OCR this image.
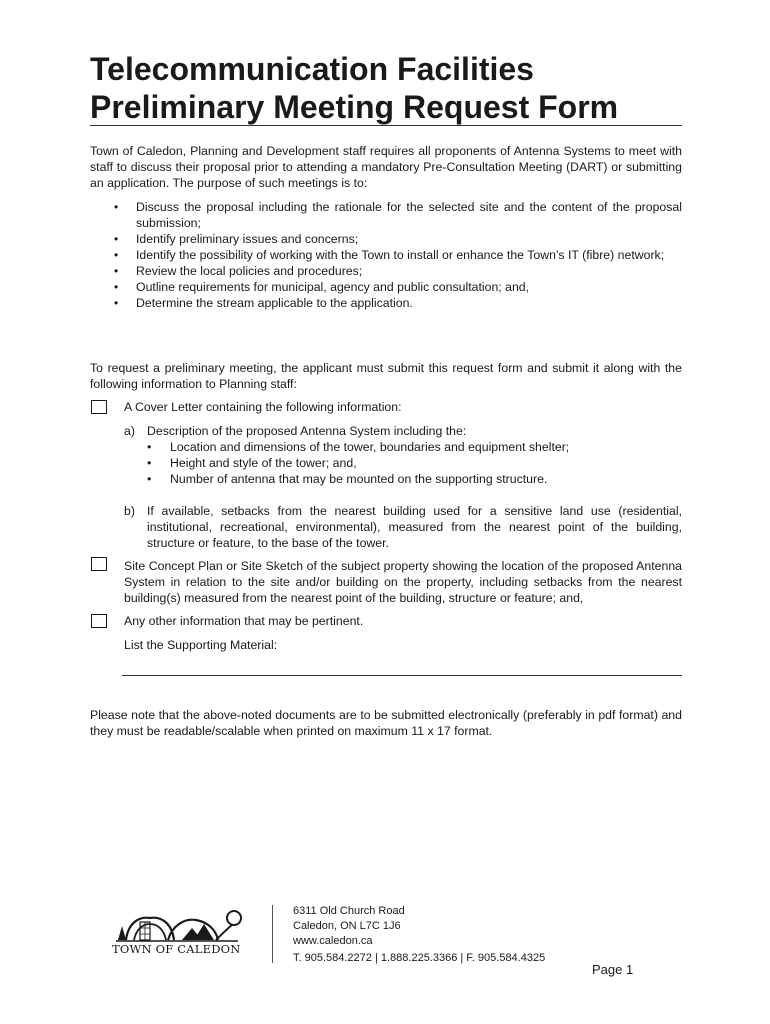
Telecommunication Facilities
Preliminary Meeting Request Form
Town of Caledon, Planning and Development staff requires all proponents of Antenna Systems to meet with staff to discuss their proposal prior to attending a mandatory Pre-Consultation Meeting (DART) or submitting an application. The purpose of such meetings is to:
• Discuss the proposal including the rationale for the selected site and the content of the proposal submission;
• Identify preliminary issues and concerns;
• Identify the possibility of working with the Town to install or enhance the Town’s IT (fibre) network;
• Review the local policies and procedures;
• Outline requirements for municipal, agency and public consultation; and,
• Determine the stream applicable to the application.
To request a preliminary meeting, the applicant must submit this request form and submit it along with the following information to Planning staff:
A Cover Letter containing the following information:
a) Description of the proposed Antenna System including the:
• Location and dimensions of the tower, boundaries and equipment shelter;
• Height and style of the tower; and,
• Number of antenna that may be mounted on the supporting structure.
b) If available, setbacks from the nearest building used for a sensitive land use (residential, institutional, recreational, environmental), measured from the nearest point of the building, structure or feature, to the base of the tower.
Site Concept Plan or Site Sketch of the subject property showing the location of the proposed Antenna System in relation to the site and/or building on the property, including setbacks from the nearest building(s) measured from the nearest point of the building, structure or feature; and,
Any other information that may be pertinent.
List the Supporting Material:
Please note that the above-noted documents are to be submitted electronically (preferably in pdf format) and they must be readable/scalable when printed on maximum 11 x 17 format.
TOWN OF CALEDON
6311 Old Church Road
Caledon, ON L7C 1J6
www.caledon.ca
T. 905.584.2272 | 1.888.225.3366 | F. 905.584.4325
Page 1
